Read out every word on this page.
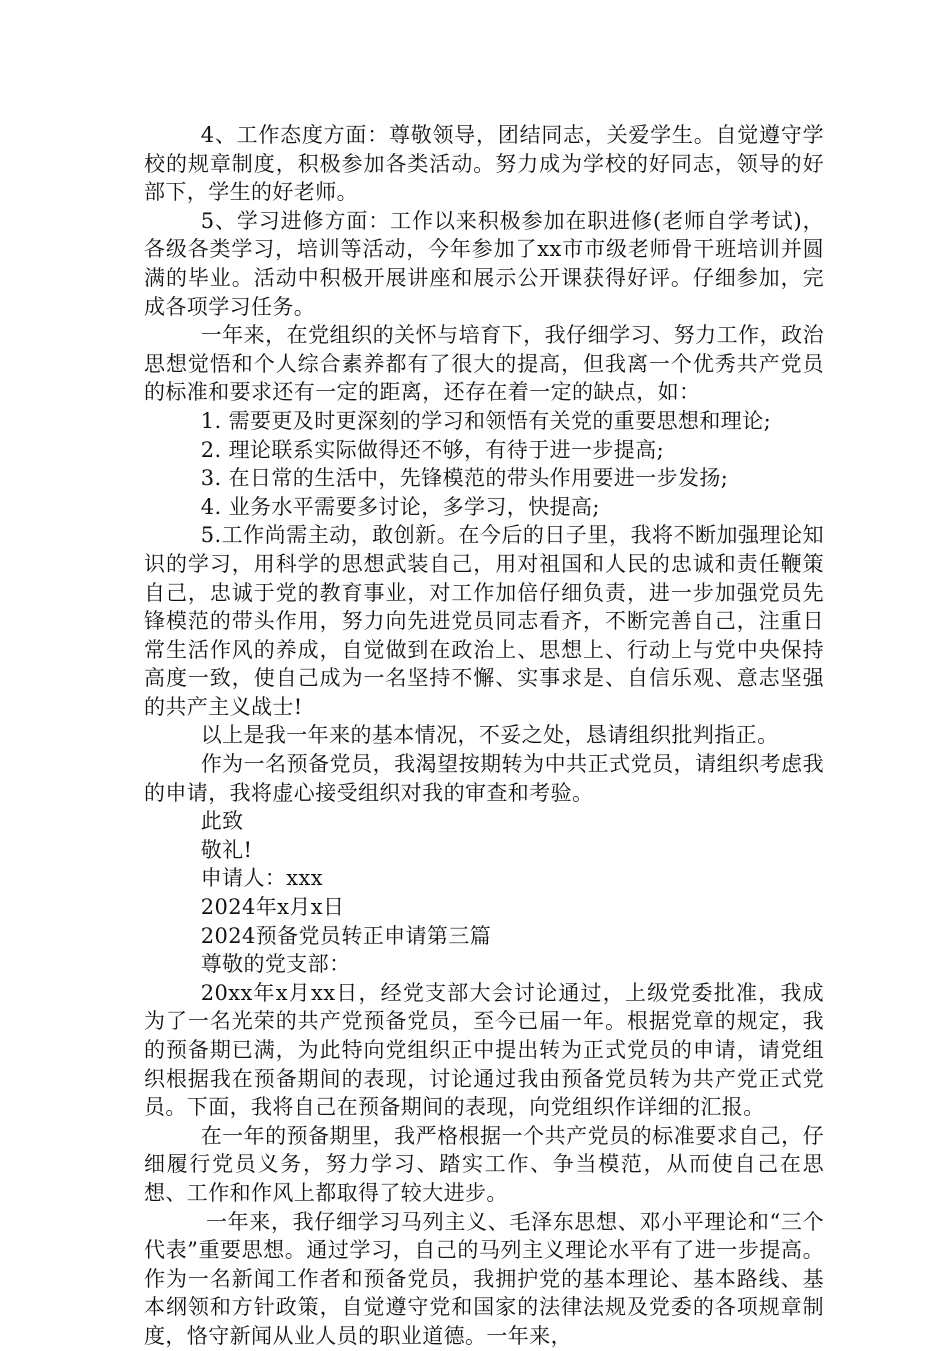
4、工作态度方面：尊敬领导，团结同志，关爱学生。自觉遵守学校的规章制度，积极参加各类活动。努力成为学校的好同志，领导的好部下，学生的好老师。

5、学习进修方面：工作以来积极参加在职进修(老师自学考试)，各级各类学习，培训等活动，今年参加了xx市市级老师骨干班培训并圆满的毕业。活动中积极开展讲座和展示公开课获得好评。仔细参加，完成各项学习任务。

一年来，在党组织的关怀与培育下，我仔细学习、努力工作，政治思想觉悟和个人综合素养都有了很大的提高，但我离一个优秀共产党员的标准和要求还有一定的距离，还存在着一定的缺点，如：

1. 需要更及时更深刻的学习和领悟有关党的重要思想和理论;

2. 理论联系实际做得还不够，有待于进一步提高;

3. 在日常的生活中，先锋模范的带头作用要进一步发扬;

4. 业务水平需要多讨论，多学习，快提高;

5.工作尚需主动，敢创新。在今后的日子里，我将不断加强理论知识的学习，用科学的思想武装自己，用对祖国和人民的忠诚和责任鞭策自己，忠诚于党的教育事业，对工作加倍仔细负责，进一步加强党员先锋模范的带头作用，努力向先进党员同志看齐，不断完善自己，注重日常生活作风的养成，自觉做到在政治上、思想上、行动上与党中央保持高度一致，使自己成为一名坚持不懈、实事求是、自信乐观、意志坚强的共产主义战士!

以上是我一年来的基本情况，不妥之处，恳请组织批判指正。

作为一名预备党员，我渴望按期转为中共正式党员，请组织考虑我的申请，我将虚心接受组织对我的审查和考验。

此致

敬礼!

申请人：xxx

2024年x月x日

2024预备党员转正申请第三篇

尊敬的党支部：

20xx年x月xx日，经党支部大会讨论通过，上级党委批准，我成为了一名光荣的共产党预备党员，至今已届一年。根据党章的规定，我的预备期已满，为此特向党组织正中提出转为正式党员的申请，请党组织根据我在预备期间的表现，讨论通过我由预备党员转为共产党正式党员。下面，我将自己在预备期间的表现，向党组织作详细的汇报。

在一年的预备期里，我严格根据一个共产党员的标准要求自己，仔细履行党员义务，努力学习、踏实工作、争当模范，从而使自己在思想、工作和作风上都取得了较大进步。

一年来，我仔细学习马列主义、毛泽东思想、邓小平理论和“三个代表”重要思想。通过学习，自己的马列主义理论水平有了进一步提高。作为一名新闻工作者和预备党员，我拥护党的基本理论、基本路线、基本纲领和方针政策，自觉遵守党和国家的法律法规及党委的各项规章制度，恪守新闻从业人员的职业道德。一年来，
